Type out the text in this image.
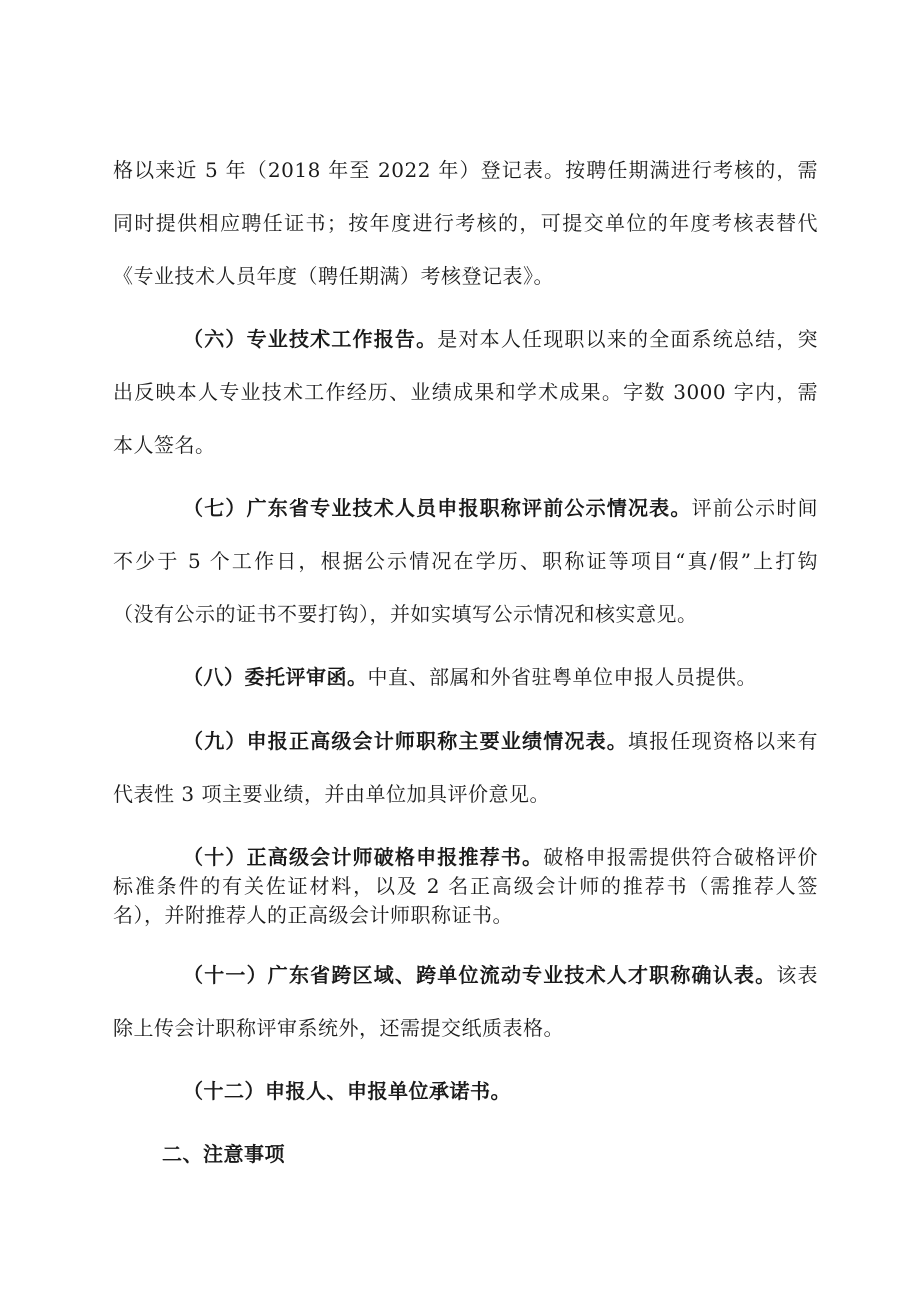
格以来近 5 年（2018 年至 2022 年）登记表。按聘任期满进行考核的，需
同时提供相应聘任证书；按年度进行考核的，可提交单位的年度考核表替代
《专业技术人员年度（聘任期满）考核登记表》。
（六）专业技术工作报告。是对本人任现职以来的全面系统总结，突
出反映本人专业技术工作经历、业绩成果和学术成果。字数 3000 字内，需
本人签名。
（七）广东省专业技术人员申报职称评前公示情况表。评前公示时间
不少于 5 个工作日，根据公示情况在学历、职称证等项目“真/假”上打钩
（没有公示的证书不要打钩），并如实填写公示情况和核实意见。
（八）委托评审函。中直、部属和外省驻粤单位申报人员提供。
（九）申报正高级会计师职称主要业绩情况表。填报任现资格以来有
代表性 3 项主要业绩，并由单位加具评价意见。
（十）正高级会计师破格申报推荐书。破格申报需提供符合破格评价
标准条件的有关佐证材料，以及 2 名正高级会计师的推荐书（需推荐人签
名），并附推荐人的正高级会计师职称证书。
（十一）广东省跨区域、跨单位流动专业技术人才职称确认表。该表
除上传会计职称评审系统外，还需提交纸质表格。
（十二）申报人、申报单位承诺书。
二、注意事项
